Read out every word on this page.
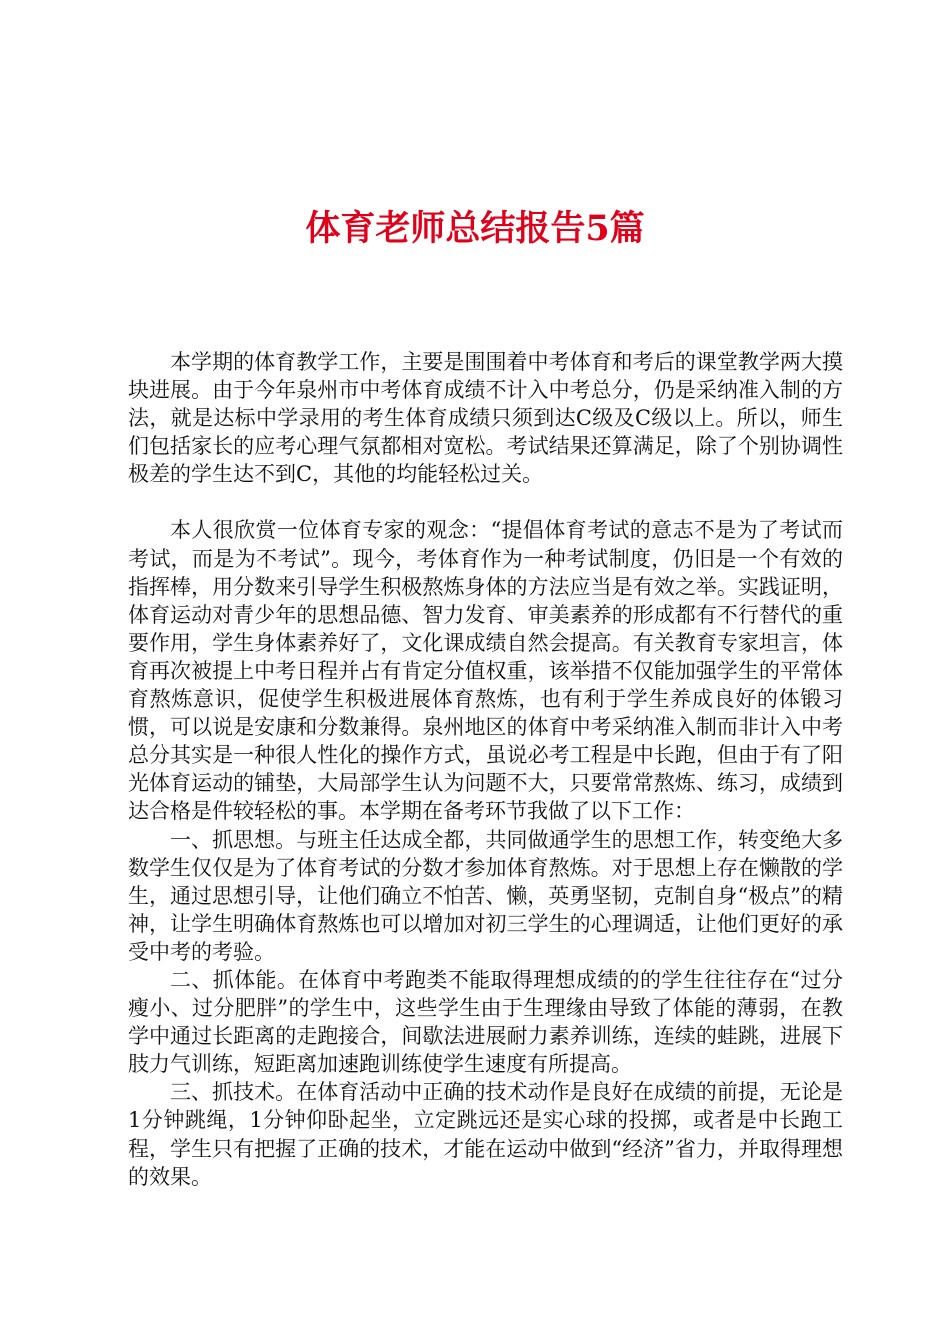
体育老师总结报告5篇

本学期的体育教学工作，主要是围围着中考体育和考后的课堂教学两大摸块进展。由于今年泉州市中考体育成绩不计入中考总分，仍是采纳准入制的方法，就是达标中学录用的考生体育成绩只须到达C级及C级以上。所以，师生们包括家长的应考心理气氛都相对宽松。考试结果还算满足，除了个别协调性极差的学生达不到C，其他的均能轻松过关。

本人很欣赏一位体育专家的观念：“提倡体育考试的意志不是为了考试而考试，而是为不考试”。现今，考体育作为一种考试制度，仍旧是一个有效的指挥棒，用分数来引导学生积极熬炼身体的方法应当是有效之举。实践证明，体育运动对青少年的思想品德、智力发育、审美素养的形成都有不行替代的重要作用，学生身体素养好了，文化课成绩自然会提高。有关教育专家坦言，体育再次被提上中考日程并占有肯定分值权重，该举措不仅能加强学生的平常体育熬炼意识，促使学生积极进展体育熬炼，也有利于学生养成良好的体锻习惯，可以说是安康和分数兼得。泉州地区的体育中考采纳准入制而非计入中考总分其实是一种很人性化的操作方式，虽说必考工程是中长跑，但由于有了阳光体育运动的铺垫，大局部学生认为问题不大，只要常常熬炼、练习，成绩到达合格是件较轻松的事。本学期在备考环节我做了以下工作：

一、抓思想。与班主任达成全都，共同做通学生的思想工作，转变绝大多数学生仅仅是为了体育考试的分数才参加体育熬炼。对于思想上存在懒散的学生，通过思想引导，让他们确立不怕苦、懒，英勇坚韧，克制自身“极点”的精神，让学生明确体育熬炼也可以增加对初三学生的心理调适，让他们更好的承受中考的考验。

二、抓体能。在体育中考跑类不能取得理想成绩的的学生往往存在“过分瘦小、过分肥胖”的学生中，这些学生由于生理缘由导致了体能的薄弱，在教学中通过长距离的走跑接合，间歇法进展耐力素养训练，连续的蛙跳，进展下肢力气训练，短距离加速跑训练使学生速度有所提高。

三、抓技术。在体育活动中正确的技术动作是良好在成绩的前提，无论是1分钟跳绳，1分钟仰卧起坐，立定跳远还是实心球的投掷，或者是中长跑工程，学生只有把握了正确的技术，才能在运动中做到“经济”省力，并取得理想的效果。
